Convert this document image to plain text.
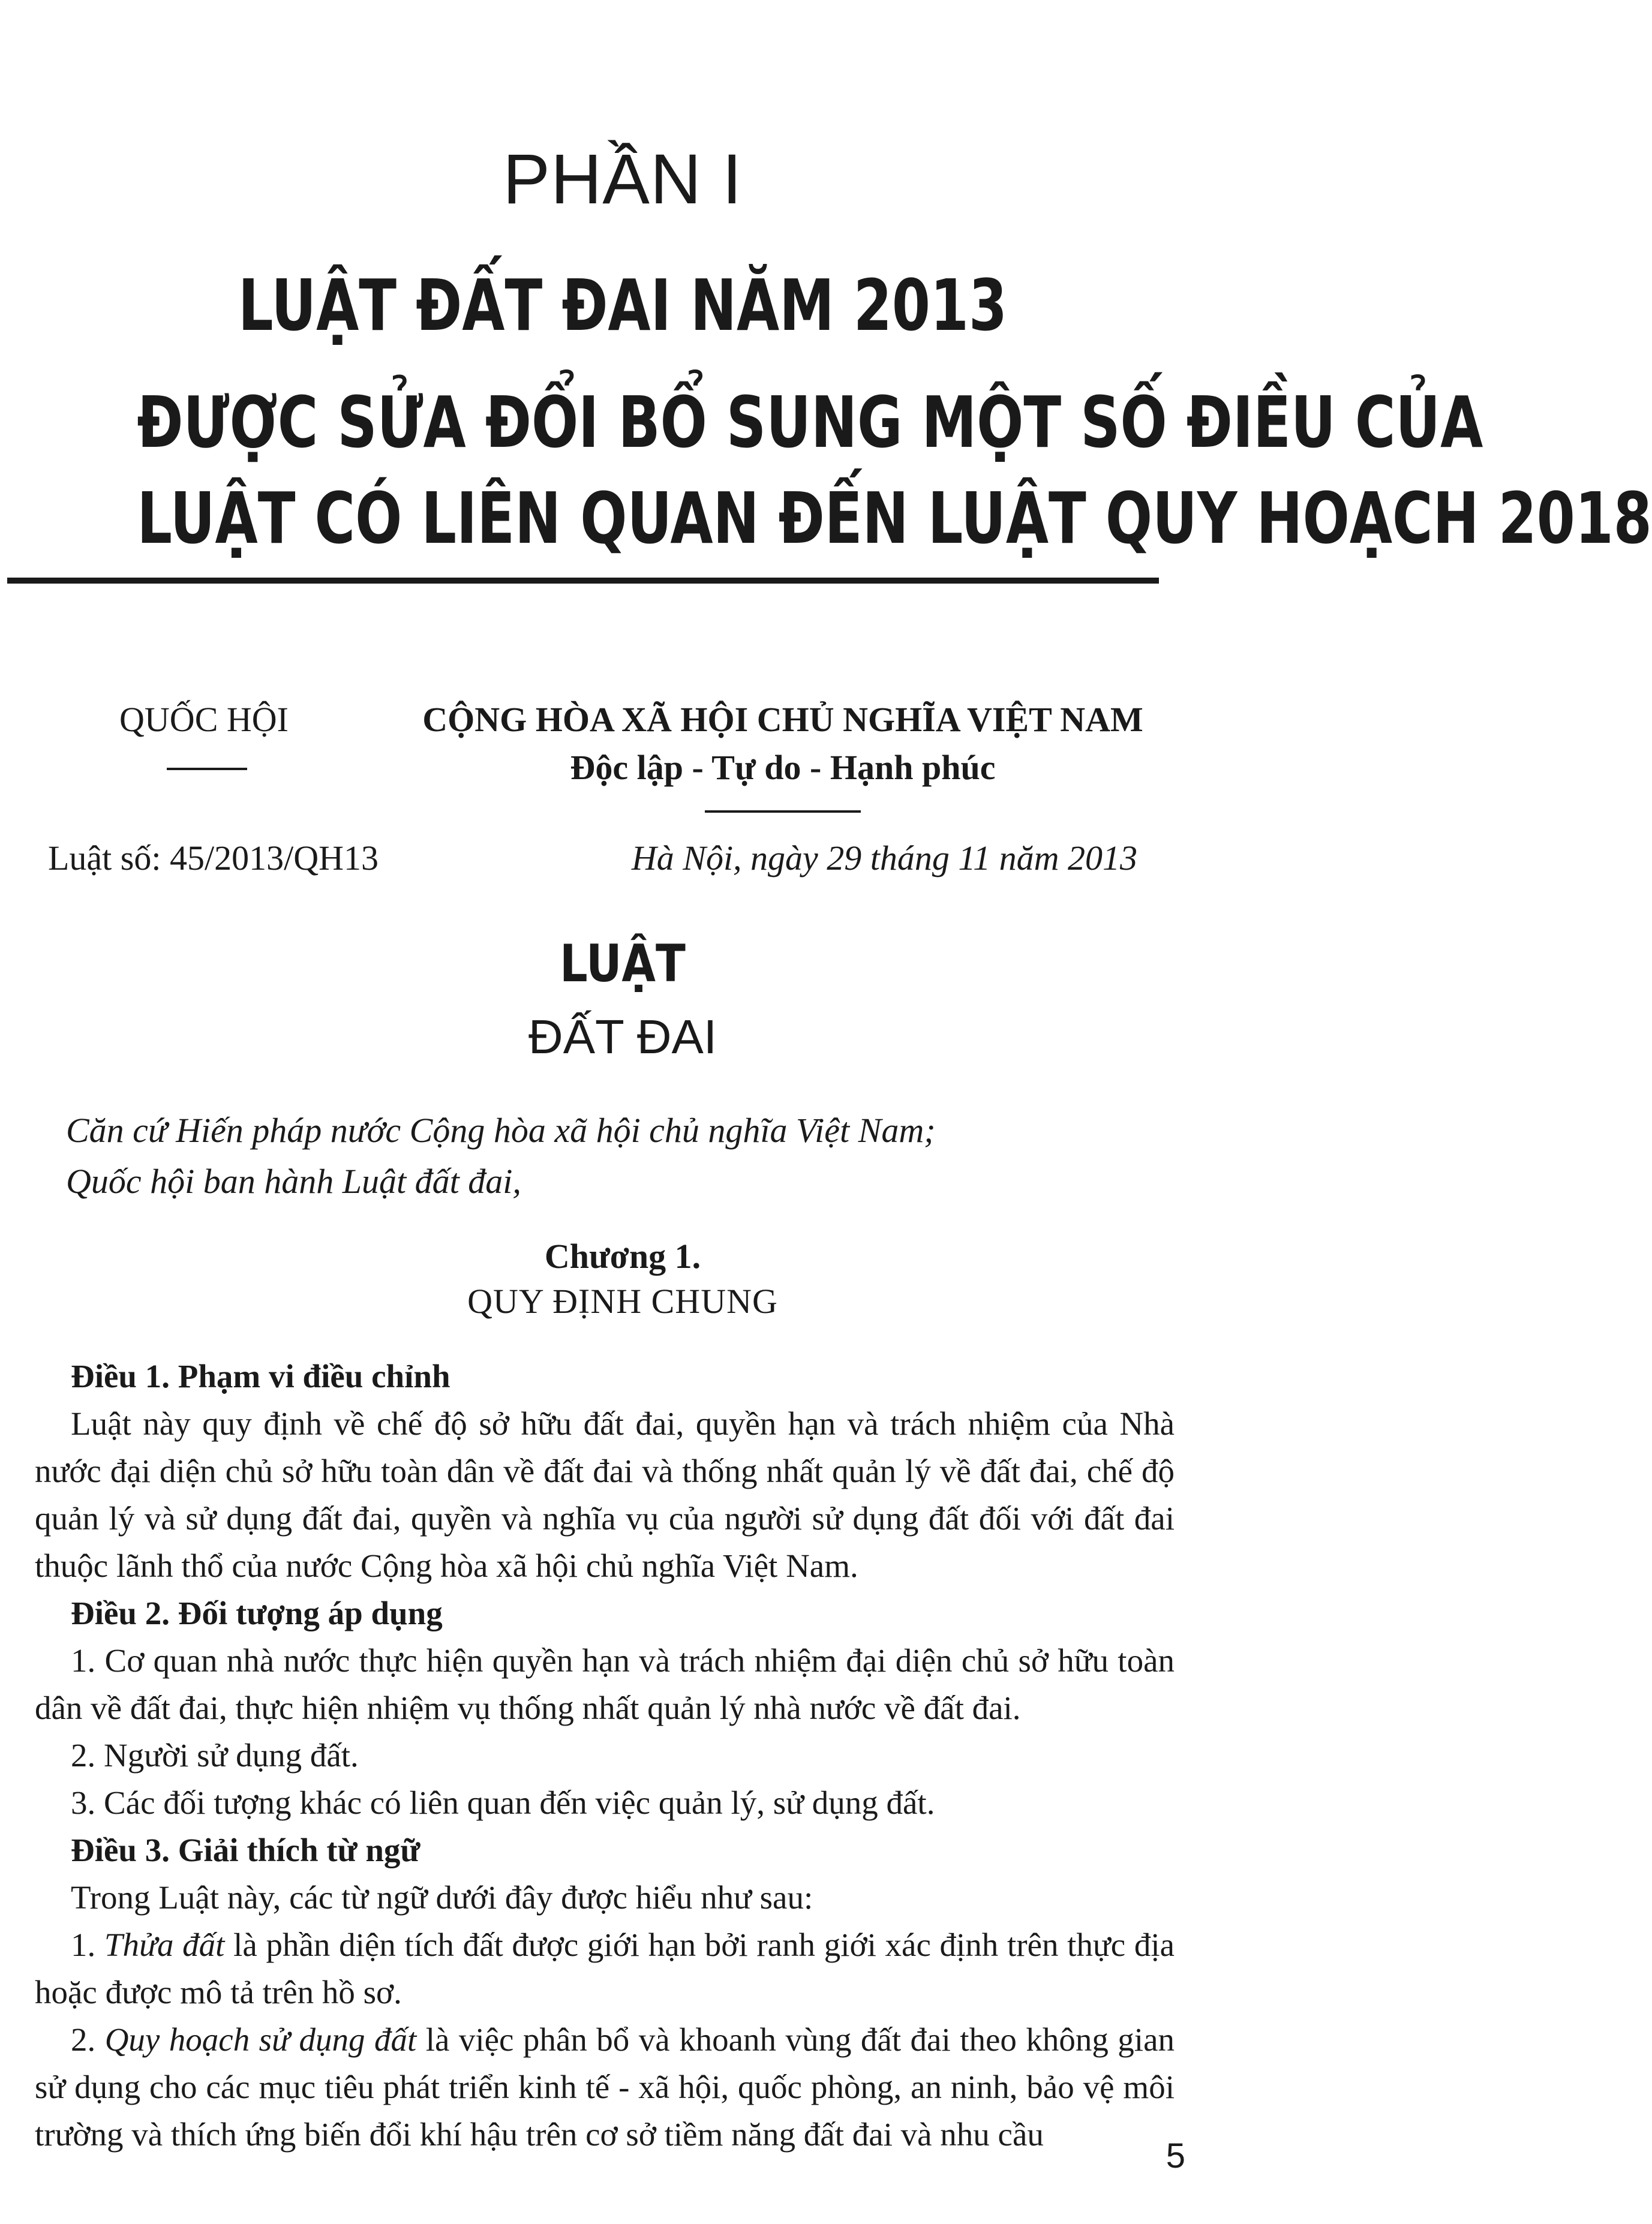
PHẦN I
LUẬT ĐẤT ĐAI NĂM 2013
ĐƯỢC SỬA ĐỔI BỔ SUNG MỘT SỐ ĐIỀU CỦA
LUẬT CÓ LIÊN QUAN ĐẾN LUẬT QUY HOẠCH 2018
QUỐC HỘI	CỘNG HÒA XÃ HỘI CHỦ NGHĨA VIỆT NAM
Độc lập - Tự do - Hạnh phúc
Luật số: 45/2013/QH13	Hà Nội, ngày 29 tháng 11 năm 2013
LUẬT
ĐẤT ĐAI
Căn cứ Hiến pháp nước Cộng hòa xã hội chủ nghĩa Việt Nam;
Quốc hội ban hành Luật đất đai,
Chương 1.
QUY ĐỊNH CHUNG

Điều 1. Phạm vi điều chỉnh

Luật này quy định về chế độ sở hữu đất đai, quyền hạn và trách nhiệm của Nhà nước đại diện chủ sở hữu toàn dân về đất đai và thống nhất quản lý về đất đai, chế độ quản lý và sử dụng đất đai, quyền và nghĩa vụ của người sử dụng đất đối với đất đai thuộc lãnh thổ của nước Cộng hòa xã hội chủ nghĩa Việt Nam.

Điều 2. Đối tượng áp dụng

1. Cơ quan nhà nước thực hiện quyền hạn và trách nhiệm đại diện chủ sở hữu toàn dân về đất đai, thực hiện nhiệm vụ thống nhất quản lý nhà nước về đất đai.

2. Người sử dụng đất.

3. Các đối tượng khác có liên quan đến việc quản lý, sử dụng đất.

Điều 3. Giải thích từ ngữ

Trong Luật này, các từ ngữ dưới đây được hiểu như sau:

1. Thửa đất là phần diện tích đất được giới hạn bởi ranh giới xác định trên thực địa hoặc được mô tả trên hồ sơ.

2. Quy hoạch sử dụng đất là việc phân bổ và khoanh vùng đất đai theo không gian sử dụng cho các mục tiêu phát triển kinh tế - xã hội, quốc phòng, an ninh, bảo vệ môi trường và thích ứng biến đổi khí hậu trên cơ sở tiềm năng đất đai và nhu cầu

5
